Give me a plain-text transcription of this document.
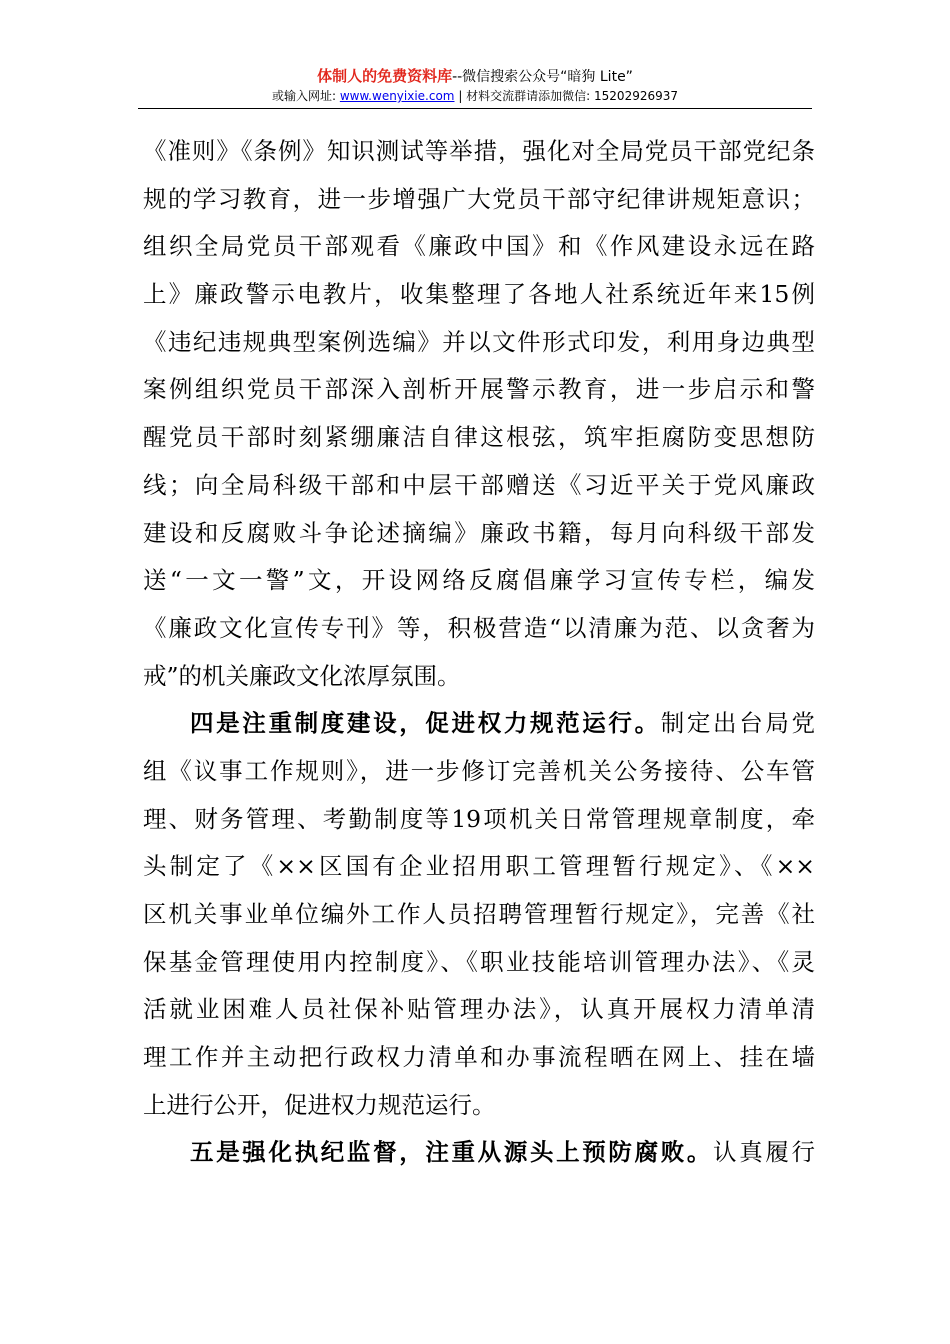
体制人的免费资料库--微信搜索公众号“暗狗 Lite”
或输入网址: www.wenyixie.com | 材料交流群请添加微信: 15202926937
《准则》《条例》知识测试等举措，强化对全局党员干部党纪条
规的学习教育，进一步增强广大党员干部守纪律讲规矩意识；
组织全局党员干部观看《廉政中国》和《作风建设永远在路
上》廉政警示电教片，收集整理了各地人社系统近年来15例
《违纪违规典型案例选编》并以文件形式印发，利用身边典型
案例组织党员干部深入剖析开展警示教育，进一步启示和警
醒党员干部时刻紧绷廉洁自律这根弦，筑牢拒腐防变思想防
线；向全局科级干部和中层干部赠送《习近平关于党风廉政
建设和反腐败斗争论述摘编》廉政书籍，每月向科级干部发
送“一文一警”文，开设网络反腐倡廉学习宣传专栏，编发
《廉政文化宣传专刊》等，积极营造“以清廉为范、以贪奢为
戒”的机关廉政文化浓厚氛围。
四是注重制度建设，促进权力规范运行。制定出台局党
组《议事工作规则》，进一步修订完善机关公务接待、公车管
理、财务管理、考勤制度等19项机关日常管理规章制度，牵
头制定了《××区国有企业招用职工管理暂行规定》、《××
区机关事业单位编外工作人员招聘管理暂行规定》，完善《社
保基金管理使用内控制度》、《职业技能培训管理办法》、《灵
活就业困难人员社保补贴管理办法》，认真开展权力清单清
理工作并主动把行政权力清单和办事流程晒在网上、挂在墙
上进行公开，促进权力规范运行。
五是强化执纪监督，注重从源头上预防腐败。认真履行
